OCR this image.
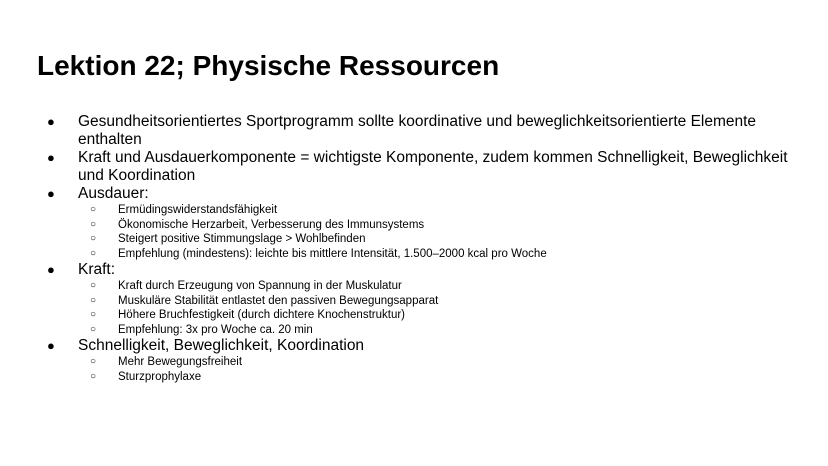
Lektion 22; Physische Ressourcen
● Gesundheitsorientiertes Sportprogramm sollte koordinative und beweglichkeitsorientierte Elemente enthalten
● Kraft und Ausdauerkomponente = wichtigste Komponente, zudem kommen Schnelligkeit, Beweglichkeit und Koordination
● Ausdauer:
○ Ermüdingswiderstandsfähigkeit
○ Ökonomische Herzarbeit, Verbesserung des Immunsystems
○ Steigert positive Stimmungslage > Wohlbefinden
○ Empfehlung (mindestens): leichte bis mittlere Intensität, 1.500–2000 kcal pro Woche
● Kraft:
○ Kraft durch Erzeugung von Spannung in der Muskulatur
○ Muskuläre Stabilität entlastet den passiven Bewegungsapparat
○ Höhere Bruchfestigkeit (durch dichtere Knochenstruktur)
○ Empfehlung: 3x pro Woche ca. 20 min
● Schnelligkeit, Beweglichkeit, Koordination
○ Mehr Bewegungsfreiheit
○ Sturzprophylaxe
